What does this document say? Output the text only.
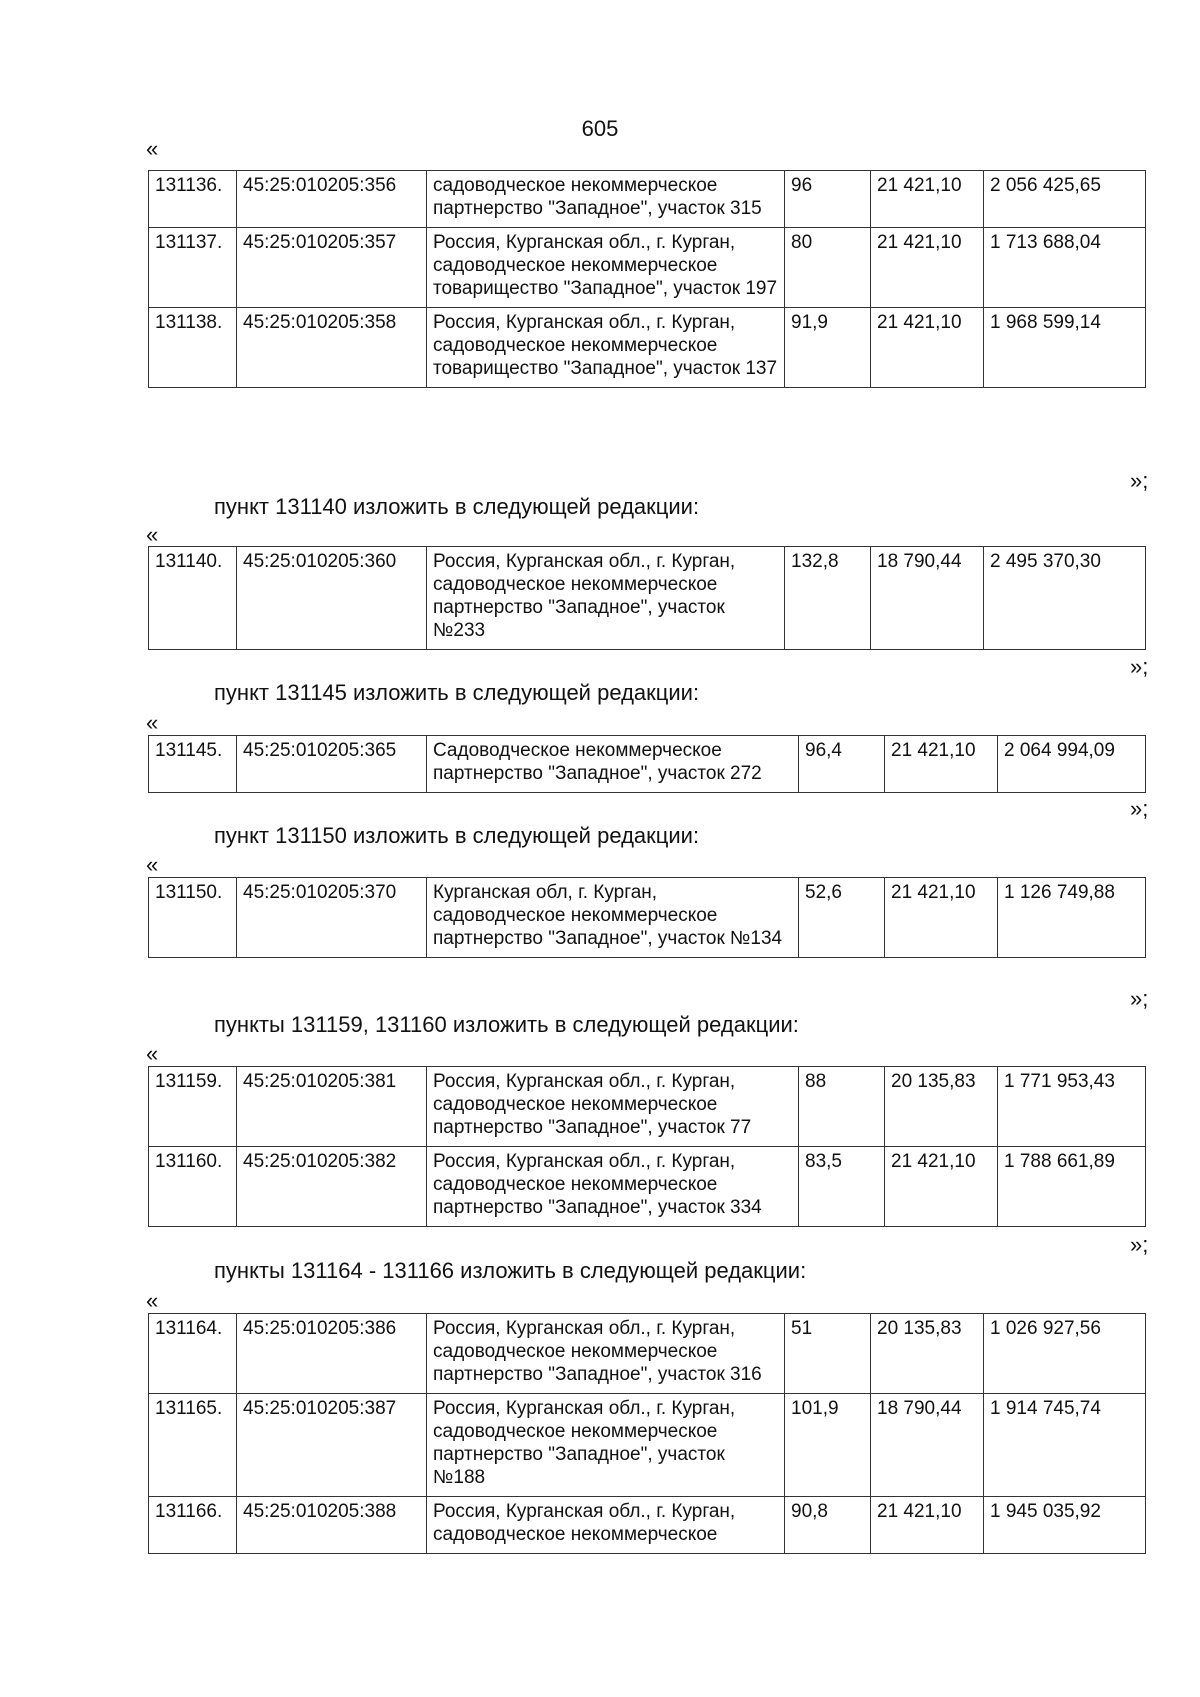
605
«
131136.	45:25:010205:356	садоводческое некоммерческое партнерство "Западное", участок 315	96	21 421,10	2 056 425,65
131137.	45:25:010205:357	Россия, Курганская обл., г. Курган, садоводческое некоммерческое товарищество "Западное", участок 197	80	21 421,10	1 713 688,04
131138.	45:25:010205:358	Россия, Курганская обл., г. Курган, садоводческое некоммерческое товарищество "Западное", участок 137	91,9	21 421,10	1 968 599,14
»;
пункт 131140 изложить в следующей редакции:
«
131140.	45:25:010205:360	Россия, Курганская обл., г. Курган, садоводческое некоммерческое партнерство "Западное", участок №233	132,8	18 790,44	2 495 370,30
»;
пункт 131145 изложить в следующей редакции:
«
131145.	45:25:010205:365	Садоводческое некоммерческое партнерство "Западное", участок 272	96,4	21 421,10	2 064 994,09
»;
пункт 131150 изложить в следующей редакции:
«
131150.	45:25:010205:370	Курганская обл, г. Курган, садоводческое некоммерческое партнерство "Западное", участок №134	52,6	21 421,10	1 126 749,88
»;
пункты 131159, 131160 изложить в следующей редакции:
«
131159.	45:25:010205:381	Россия, Курганская обл., г. Курган, садоводческое некоммерческое партнерство "Западное", участок 77	88	20 135,83	1 771 953,43
131160.	45:25:010205:382	Россия, Курганская обл., г. Курган, садоводческое некоммерческое партнерство "Западное", участок 334	83,5	21 421,10	1 788 661,89
»;
пункты 131164 - 131166 изложить в следующей редакции:
«
131164.	45:25:010205:386	Россия, Курганская обл., г. Курган, садоводческое некоммерческое партнерство "Западное", участок 316	51	20 135,83	1 026 927,56
131165.	45:25:010205:387	Россия, Курганская обл., г. Курган, садоводческое некоммерческое партнерство "Западное", участок №188	101,9	18 790,44	1 914 745,74
131166.	45:25:010205:388	Россия, Курганская обл., г. Курган, садоводческое некоммерческое	90,8	21 421,10	1 945 035,92
